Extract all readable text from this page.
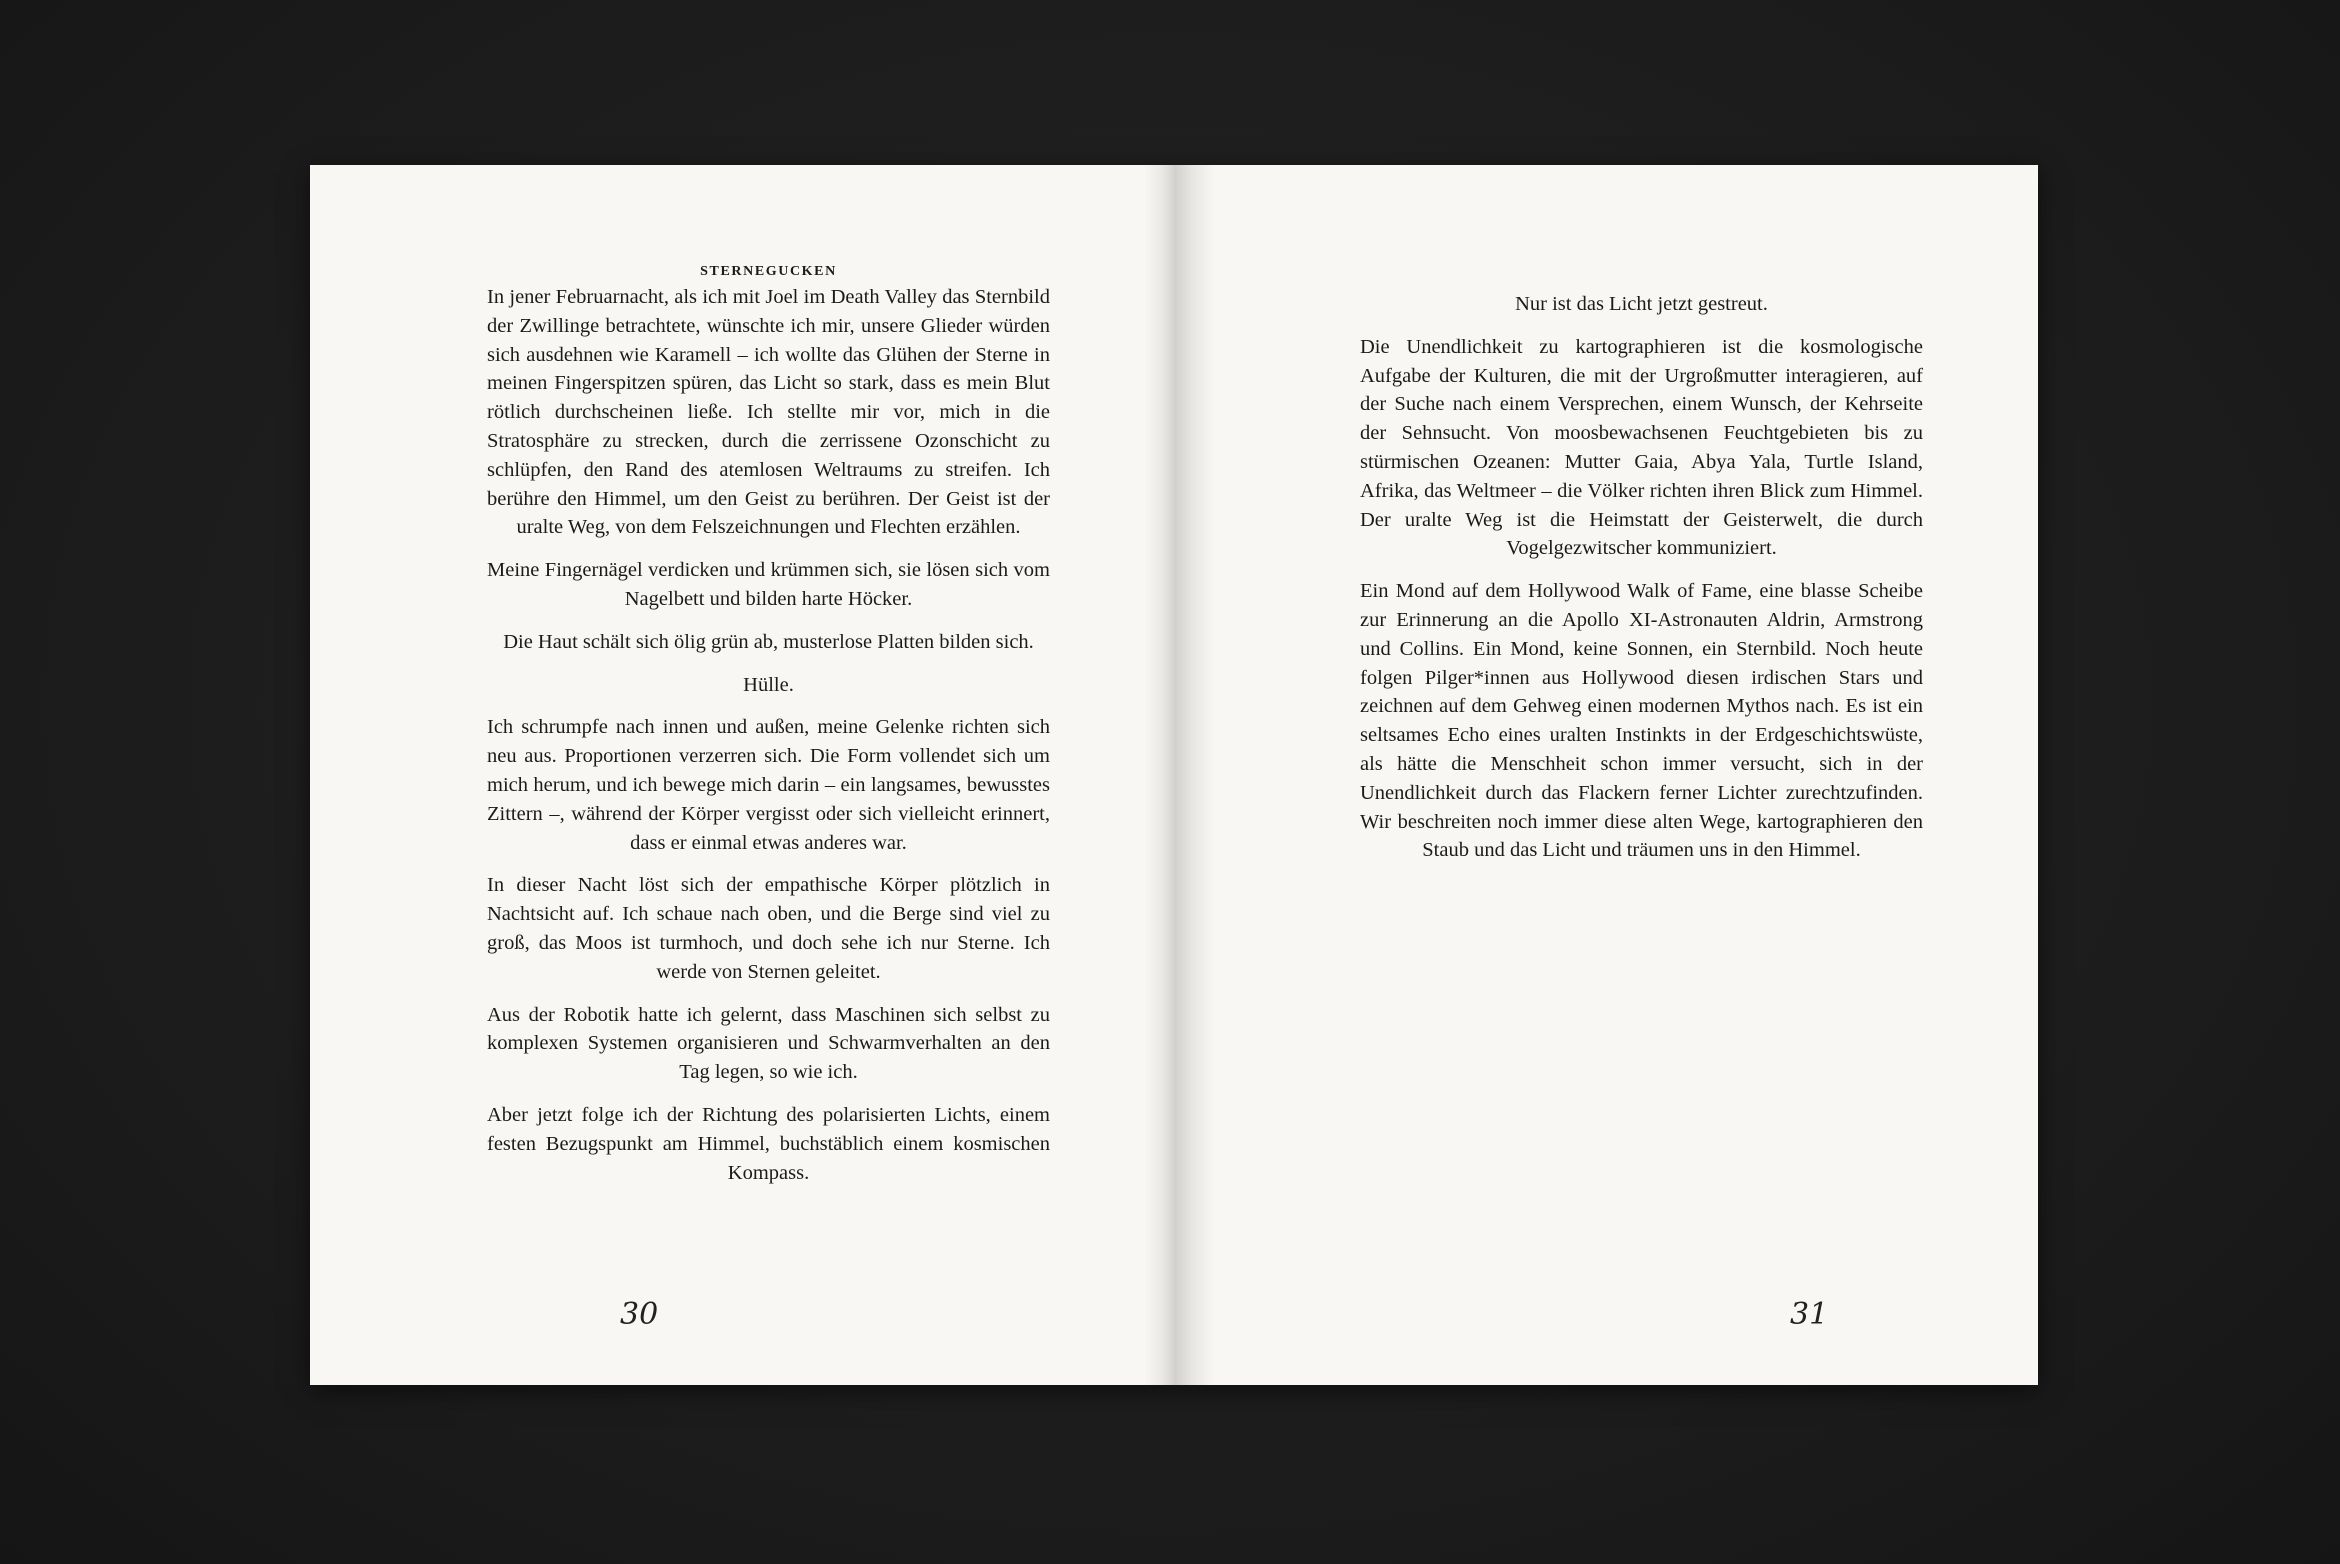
STERNEGUCKEN

In jener Februarnacht, als ich mit Joel im Death Valley das Sternbild der Zwillinge betrachtete, wünschte ich mir, unsere Glieder würden sich ausdehnen wie Karamell – ich wollte das Glühen der Sterne in meinen Fingerspitzen spüren, das Licht so stark, dass es mein Blut rötlich durchscheinen ließe. Ich stellte mir vor, mich in die Stratosphäre zu strecken, durch die zerrissene Ozonschicht zu schlüpfen, den Rand des atemlosen Weltraums zu streifen. Ich berühre den Himmel, um den Geist zu berühren. Der Geist ist der uralte Weg, von dem Felszeichnungen und Flechten erzählen.

Meine Fingernägel verdicken und krümmen sich, sie lösen sich vom Nagelbett und bilden harte Höcker.

Die Haut schält sich ölig grün ab, musterlose Platten bilden sich.

Hülle.

Ich schrumpfe nach innen und außen, meine Gelenke richten sich neu aus. Proportionen verzerren sich. Die Form vollendet sich um mich herum, und ich bewege mich darin – ein langsames, bewusstes Zittern –, während der Körper vergisst oder sich vielleicht erinnert, dass er einmal etwas anderes war.

In dieser Nacht löst sich der empathische Körper plötzlich in Nachtsicht auf. Ich schaue nach oben, und die Berge sind viel zu groß, das Moos ist turmhoch, und doch sehe ich nur Sterne. Ich werde von Sternen geleitet.

Aus der Robotik hatte ich gelernt, dass Maschinen sich selbst zu komplexen Systemen organisieren und Schwarmverhalten an den Tag legen, so wie ich.

Aber jetzt folge ich der Richtung des polarisierten Lichts, einem festen Bezugspunkt am Himmel, buchstäblich einem kosmischen Kompass.

30

Nur ist das Licht jetzt gestreut.

Die Unendlichkeit zu kartographieren ist die kosmologische Aufgabe der Kulturen, die mit der Urgroßmutter interagieren, auf der Suche nach einem Versprechen, einem Wunsch, der Kehrseite der Sehnsucht. Von moosbewachsenen Feuchtgebieten bis zu stürmischen Ozeanen: Mutter Gaia, Abya Yala, Turtle Island, Afrika, das Weltmeer – die Völker richten ihren Blick zum Himmel. Der uralte Weg ist die Heimstatt der Geisterwelt, die durch Vogelgezwitscher kommuniziert.

Ein Mond auf dem Hollywood Walk of Fame, eine blasse Scheibe zur Erinnerung an die Apollo XI-Astronauten Aldrin, Armstrong und Collins. Ein Mond, keine Sonnen, ein Sternbild. Noch heute folgen Pilger*innen aus Hollywood diesen irdischen Stars und zeichnen auf dem Gehweg einen modernen Mythos nach. Es ist ein seltsames Echo eines uralten Instinkts in der Erdgeschichtswüste, als hätte die Menschheit schon immer versucht, sich in der Unendlichkeit durch das Flackern ferner Lichter zurechtzufinden. Wir beschreiten noch immer diese alten Wege, kartographieren den Staub und das Licht und träumen uns in den Himmel.

31
